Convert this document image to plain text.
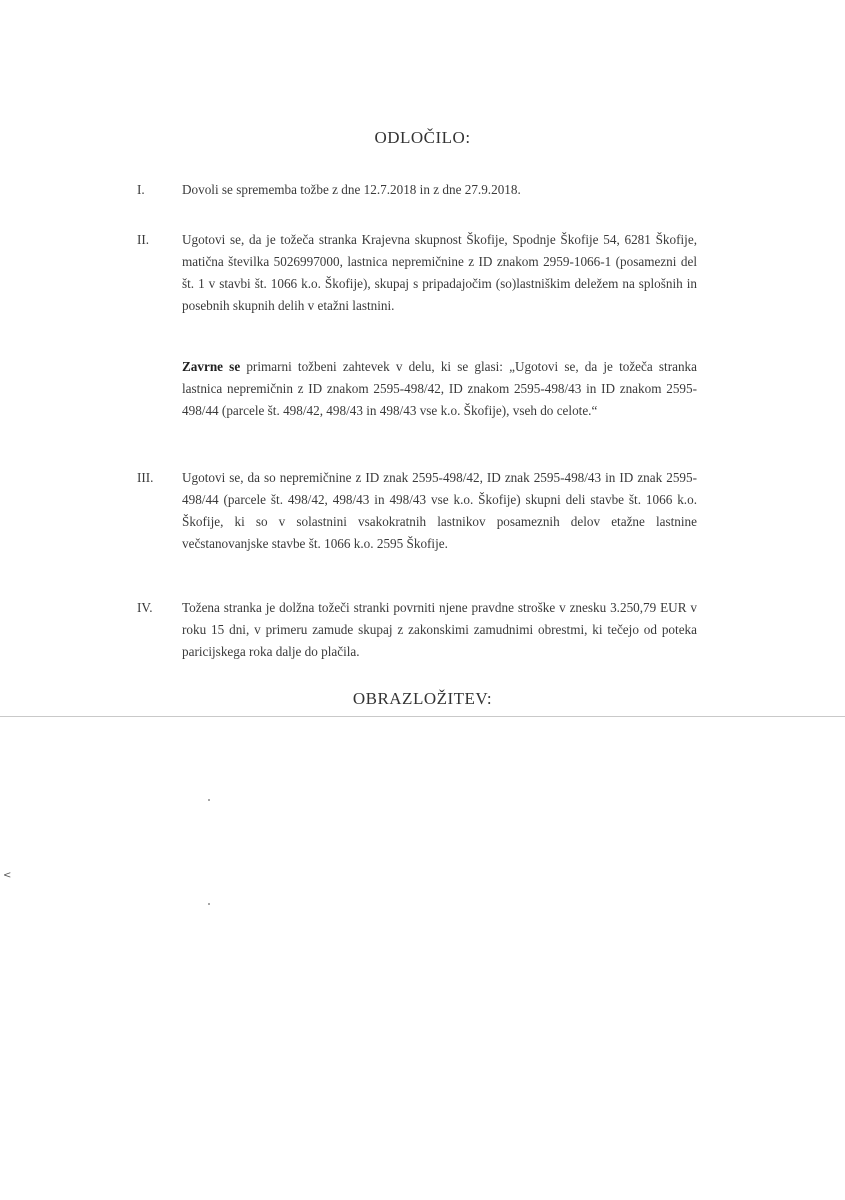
ODLOČILO:
I.	Dovoli se sprememba tožbe z dne 12.7.2018 in z dne 27.9.2018.
II. Ugotovi se, da je tožeča stranka Krajevna skupnost Škofije, Spodnje Škofije 54, 6281 Škofije, matična številka 5026997000, lastnica nepremičnine z ID znakom 2959-1066-1 (posamezni del št. 1 v stavbi št. 1066 k.o. Škofije), skupaj s pripadajočim (so)lastniškim deležem na splošnih in posebnih skupnih delih v etažni lastnini.
Zavrne se primarni tožbeni zahtevek v delu, ki se glasi: „Ugotovi se, da je tožeča stranka lastnica nepremičnin z ID znakom 2595-498/42, ID znakom 2595-498/43 in ID znakom 2595-498/44 (parcele št. 498/42, 498/43 in 498/43 vse k.o. Škofije), vseh do celote.“
III. Ugotovi se, da so nepremičnine z ID znak 2595-498/42, ID znak 2595-498/43 in ID znak 2595-498/44 (parcele št. 498/42, 498/43 in 498/43 vse k.o. Škofije) skupni deli stavbe št. 1066 k.o. Škofije, ki so v solastnini vsakokratnih lastnikov posameznih delov etažne lastnine večstanovanjske stavbe št. 1066 k.o. 2595 Škofije.
IV. Tožena stranka je dolžna tožeči stranki povrniti njene pravdne stroške v znesku 3.250,79 EUR v roku 15 dni, v primeru zamude skupaj z zakonskimi zamudnimi obrestmi, ki tečejo od poteka paricijskega roka dalje do plačila.
OBRAZLOŽITEV:
<
